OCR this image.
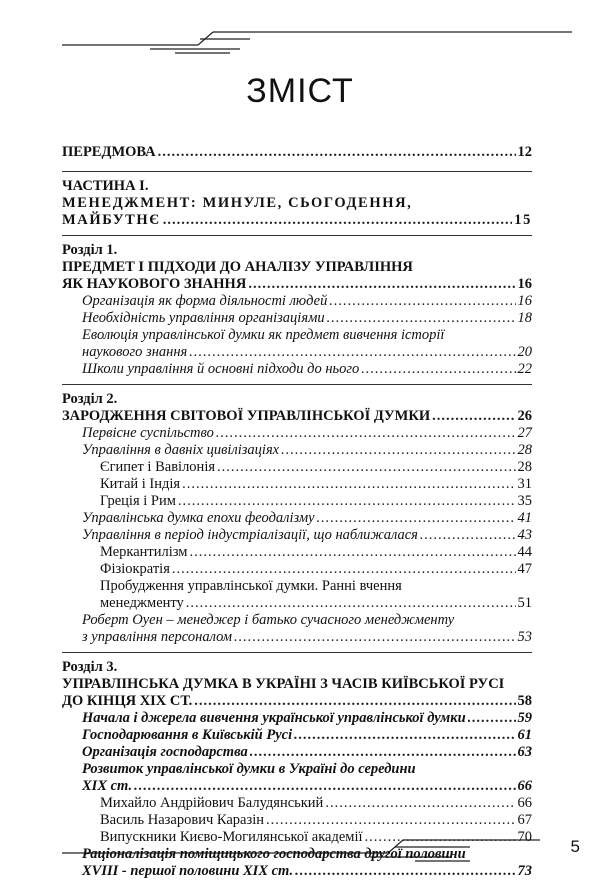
ЗМІСТ
ПЕРЕДМОВА .....	12
ЧАСТИНА І.
МЕНЕДЖМЕНТ: МИНУЛЕ, СЬОГОДЕННЯ,
МАЙБУТНЄ .....	15
Розділ 1.
ПРЕДМЕТ І ПІДХОДИ ДО АНАЛІЗУ УПРАВЛІННЯ
ЯК НАУКОВОГО ЗНАННЯ .....	16
Організація як форма діяльності людей .....	16
Необхідність управління організаціями .....	18
Еволюція управлінської думки як предмет вивчення історії
наукового знання .....	20
Школи управління й основні підходи до нього .....	22
Розділ 2.
ЗАРОДЖЕННЯ СВІТОВОЇ УПРАВЛІНСЬКОЇ ДУМКИ .....	26
Первісне суспільство .....	27
Управління в давніх цивілізаціях .....	28
Єгипет і Вавілонія .....	28
Китай і Індія .....	31
Греція і Рим .....	35
Управлінська думка епохи феодалізму .....	41
Управління в період індустріалізації, що наближалася .....	43
Меркантилізм .....	44
Фізіократія .....	47
Пробудження управлінської думки. Ранні вчення
менеджменту .....	51
Роберт Оуен – менеджер і батько сучасного менеджменту
з управління персоналом .....	53
Розділ 3.
УПРАВЛІНСЬКА ДУМКА В УКРАЇНІ З ЧАСІВ КИЇВСЬКОЇ РУСІ
ДО КІНЦЯ XIX СТ. .....	58
Начала і джерела вивчення української управлінської думки .....	59
Господарювання в Київській Русі .....	61
Організація господарства .....	63
Розвиток управлінської думки в Україні до середини
XIX ст. .....	66
Михайло Андрійович Балудянський .....	66
Василь Назарович Каразін .....	67
Випускники Києво-Могилянської академії .....	70
Раціоналізація поміщицького господарства другої половини
XVIII - першої половини XIX ст. .....	73
5
